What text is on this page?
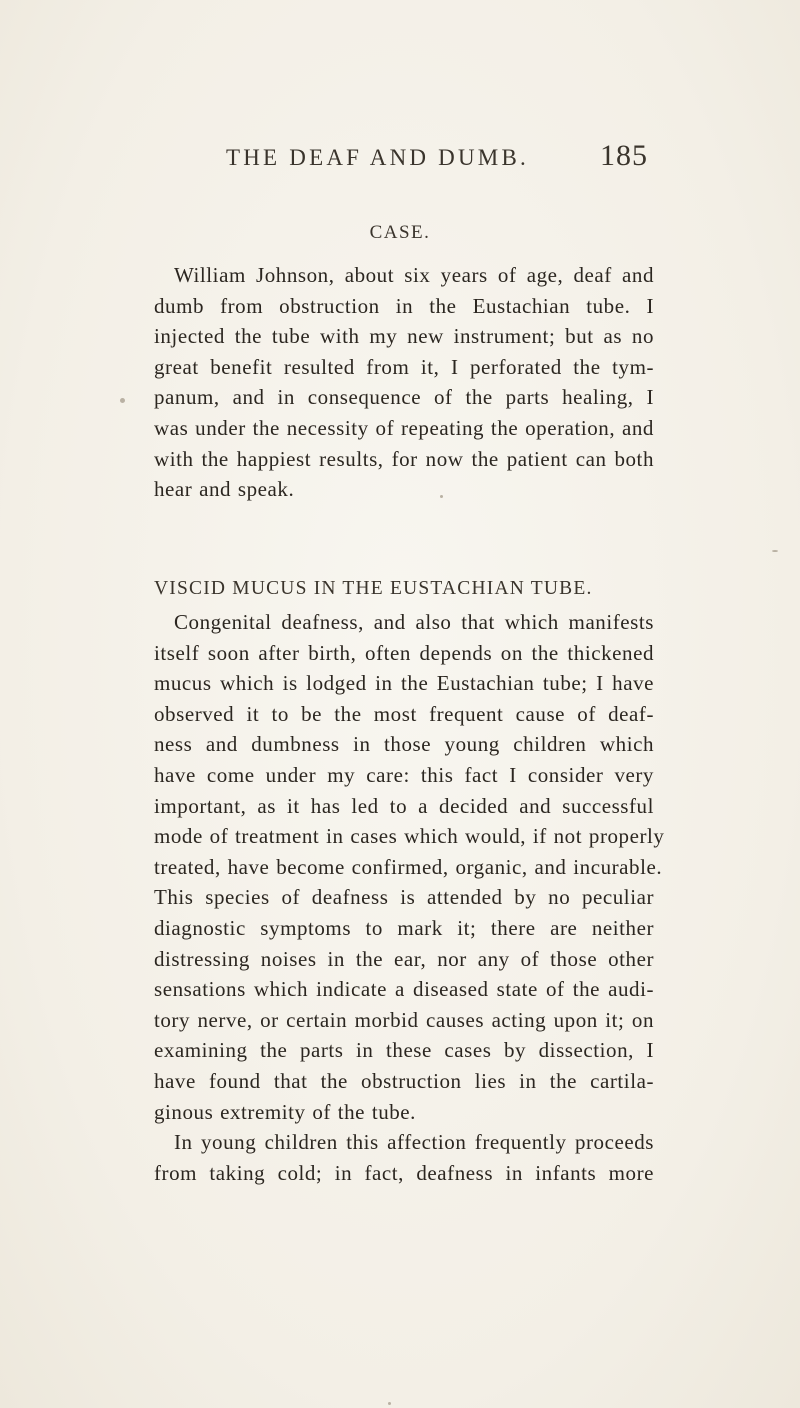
THE DEAF AND DUMB. 185
CASE.
William Johnson, about six years of age, deaf and
dumb from obstruction in the Eustachian tube. I
injected the tube with my new instrument; but as no
great benefit resulted from it, I perforated the tym-
panum, and in consequence of the parts healing, I
was under the necessity of repeating the operation, and
with the happiest results, for now the patient can both
hear and speak.
VISCID MUCUS IN THE EUSTACHIAN TUBE.
Congenital deafness, and also that which manifests
itself soon after birth, often depends on the thickened
mucus which is lodged in the Eustachian tube; I have
observed it to be the most frequent cause of deaf-
ness and dumbness in those young children which
have come under my care: this fact I consider very
important, as it has led to a decided and successful
mode of treatment in cases which would, if not properly
treated, have become confirmed, organic, and incurable.
This species of deafness is attended by no peculiar
diagnostic symptoms to mark it; there are neither
distressing noises in the ear, nor any of those other
sensations which indicate a diseased state of the audi-
tory nerve, or certain morbid causes acting upon it; on
examining the parts in these cases by dissection, I
have found that the obstruction lies in the cartila-
ginous extremity of the tube.
In young children this affection frequently proceeds
from taking cold; in fact, deafness in infants more
